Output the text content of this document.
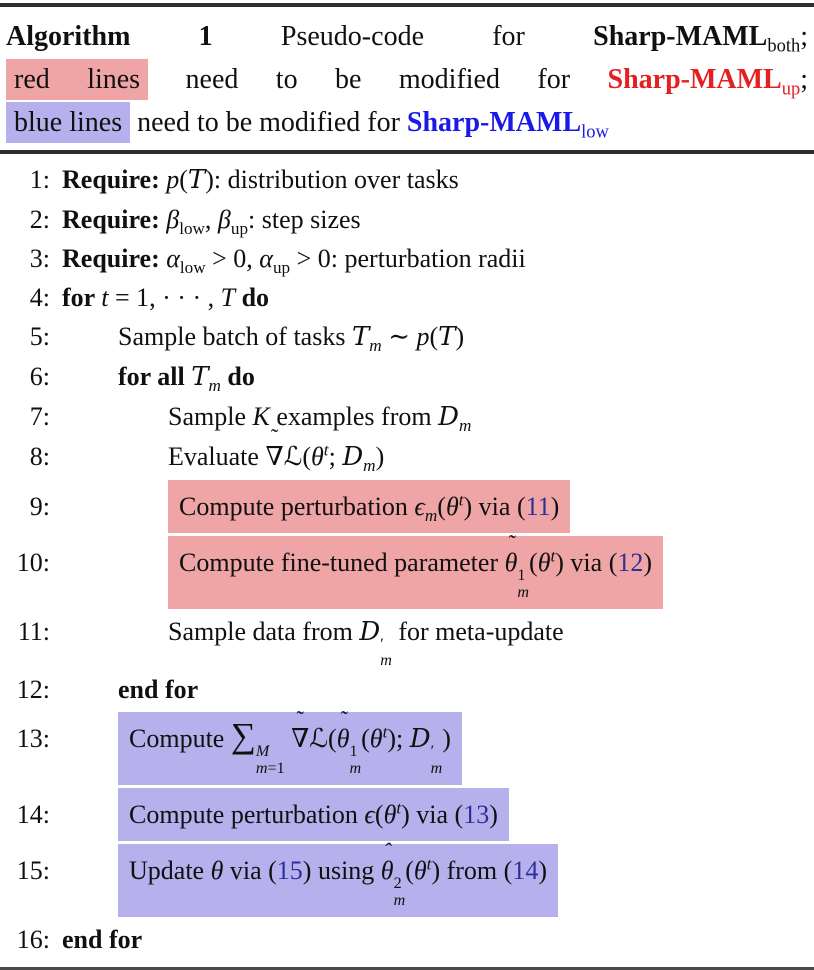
Algorithm 1 Pseudo-code for Sharp-$MAML_{both}$;
red lines need to be modified for Sharp-$MAML_{up}$;
blue lines need to be modified for Sharp-$MAML_{low}$
1: Require: p(T): distribution over tasks
2: Require: $\beta_{low}$, $\beta_{up}$: step sizes
3: Require: $\alpha_{low} > 0$, $\alpha_{up} > 0$: perturbation radii
4: for t = 1, · · · , T do
5:	Sample batch of tasks $T_m$ ∼ p(T)
6:	for all $T_m$ do
7:	Sample K examples from $D_m$
8:	Evaluate
˜
$\nabla ℒ(\theta^t$; $D_m$)
9:	Compute perturbation $\epsilon_m(\theta^t)$ via (11)
10:	Compute fine-tuned parameter
˜
θ 1
m
$(\theta^t)$ via (12)
11:	Sample data from D ′
m
for meta-update
12:	end for
13:	Compute ∑ M
m=1

˜
∇ℒ(
˜
θ 1
m
$(\theta^t)$; D ′
m
)
14:	Compute perturbation $\epsilon(\theta^t)$ via (13)
15:	Update θ via (15) using
ˆ
θ 2
m
$(\theta^t)$ from (14)
16: end for
